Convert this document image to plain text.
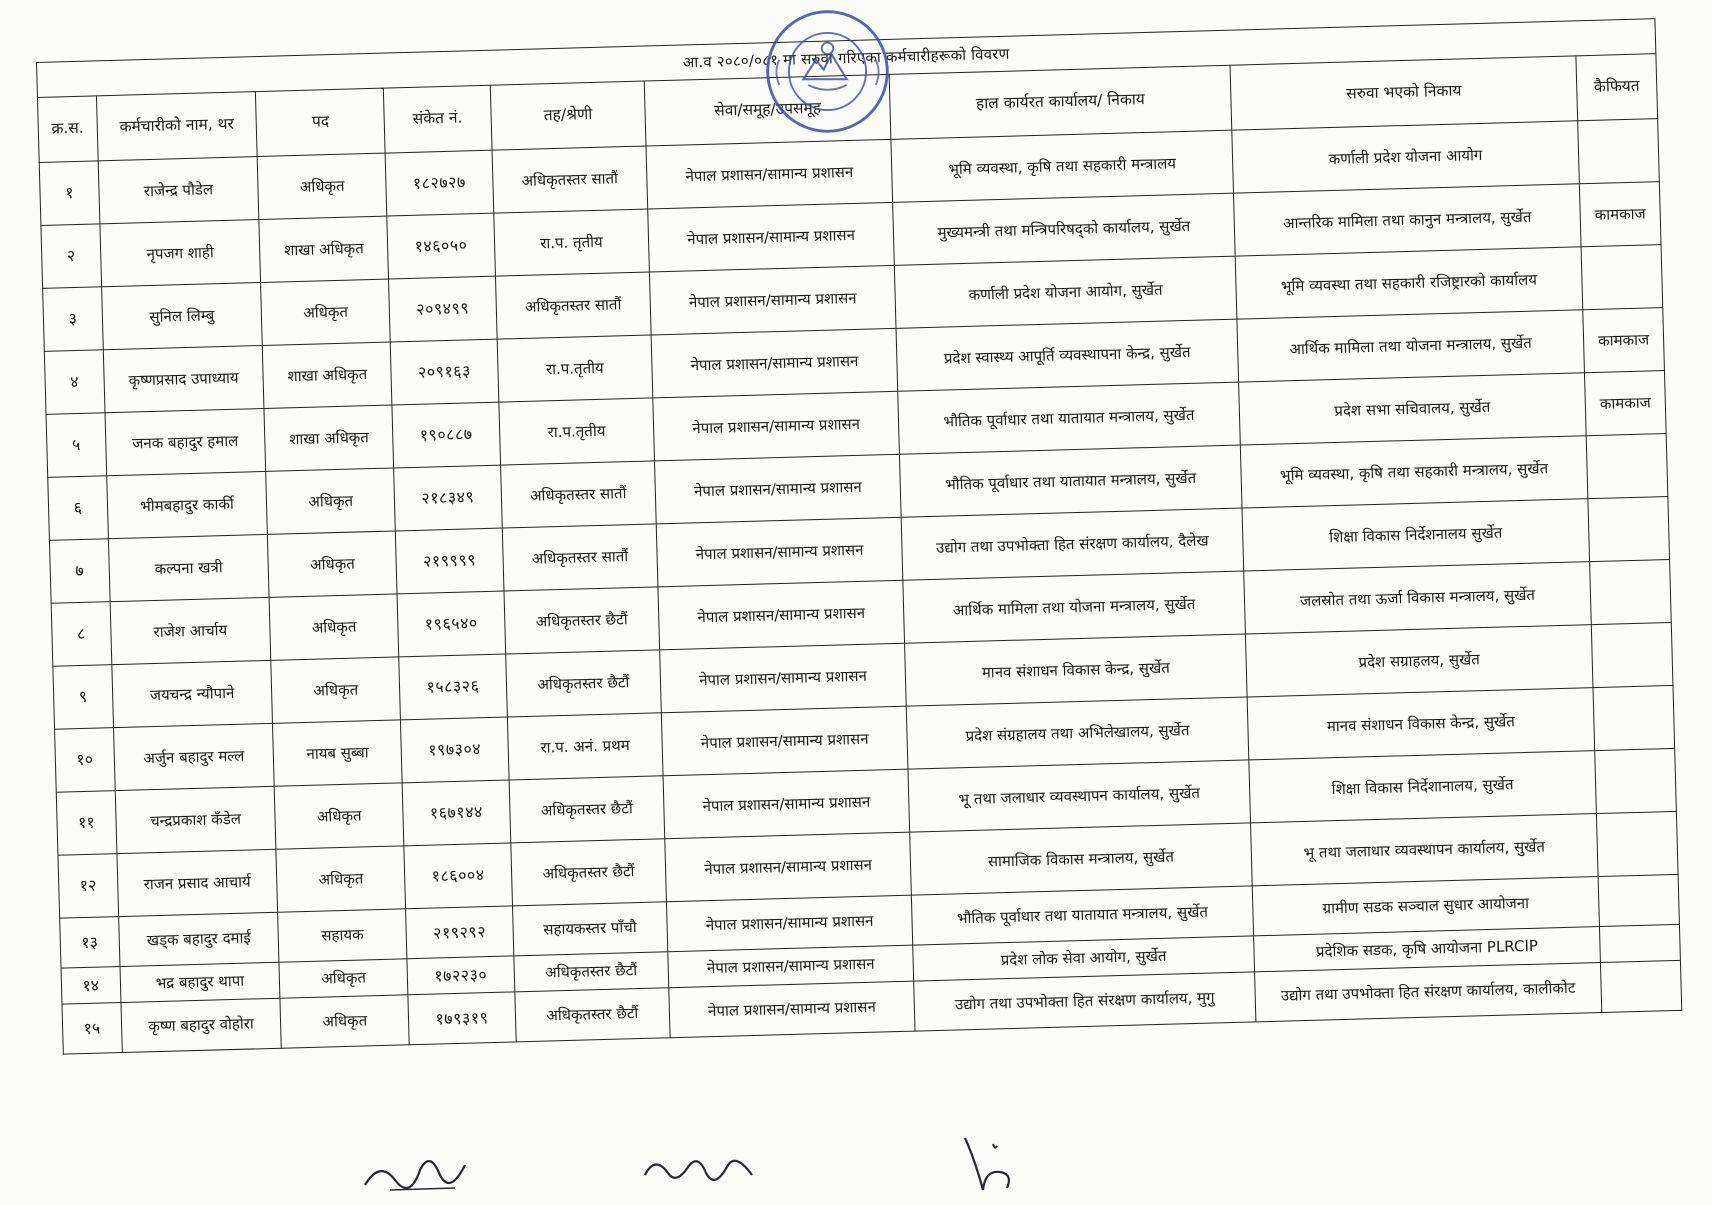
आ.व २०८०/०८१ मा सरुवा गरिएका कर्मचारीहरूको विवरण
क्र.स.	कर्मचारीको नाम, थर	पद	संकेत नं.	तह/श्रेणी	सेवा/समूह/उपसमूह	हाल कार्यरत कार्यालय/ निकाय	सरुवा भएको निकाय	कैफियत
१	राजेन्द्र पौडेल	अधिकृत	१८२७२७	अधिकृतस्तर सातौं	नेपाल प्रशासन/सामान्य प्रशासन	भूमि व्यवस्था, कृषि तथा सहकारी मन्त्रालय	कर्णाली प्रदेश योजना आयोग	
२	नृपजग शाही	शाखा अधिकृत	१४६०५०	रा.प. तृतीय	नेपाल प्रशासन/सामान्य प्रशासन	मुख्यमन्त्री तथा मन्त्रिपरिषद्को कार्यालय, सुर्खेत	आन्तरिक मामिला तथा कानुन मन्त्रालय, सुर्खेत	कामकाज
३	सुनिल लिम्बु	अधिकृत	२०९४९९	अधिकृतस्तर सातौं	नेपाल प्रशासन/सामान्य प्रशासन	कर्णाली प्रदेश योजना आयोग, सुर्खेत	भूमि व्यवस्था तथा सहकारी रजिष्ट्रारको कार्यालय	
४	कृष्णप्रसाद उपाध्याय	शाखा अधिकृत	२०९१६३	रा.प.तृतीय	नेपाल प्रशासन/सामान्य प्रशासन	प्रदेश स्वास्थ्य आपूर्ति व्यवस्थापना केन्द्र, सुर्खेत	आर्थिक मामिला तथा योजना मन्त्रालय, सुर्खेत	कामकाज
५	जनक बहादुर हमाल	शाखा अधिकृत	१९०८८७	रा.प.तृतीय	नेपाल प्रशासन/सामान्य प्रशासन	भौतिक पूर्वाधार तथा यातायात मन्त्रालय, सुर्खेत	प्रदेश सभा सचिवालय, सुर्खेत	कामकाज
६	भीमबहादुर कार्की	अधिकृत	२१८३४९	अधिकृतस्तर सातौं	नेपाल प्रशासन/सामान्य प्रशासन	भौतिक पूर्वाधार तथा यातायात मन्त्रालय, सुर्खेत	भूमि व्यवस्था, कृषि तथा सहकारी मन्त्रालय, सुर्खेत	
७	कल्पना खत्री	अधिकृत	२१९९९९	अधिकृतस्तर सातौं	नेपाल प्रशासन/सामान्य प्रशासन	उद्योग तथा उपभोक्ता हित संरक्षण कार्यालय, दैलेख	शिक्षा विकास निर्देशनालय सुर्खेत	
८	राजेश आर्चाय	अधिकृत	१९६५४०	अधिकृतस्तर छैटौं	नेपाल प्रशासन/सामान्य प्रशासन	आर्थिक मामिला तथा योजना मन्त्रालय, सुर्खेत	जलस्रोत तथा ऊर्जा विकास मन्त्रालय, सुर्खेत	
९	जयचन्द्र न्यौपाने	अधिकृत	१५८३२६	अधिकृतस्तर छैटौं	नेपाल प्रशासन/सामान्य प्रशासन	मानव संशाधन विकास केन्द्र, सुर्खेत	प्रदेश सग्राहलय, सुर्खेत	
१०	अर्जुन बहादुर मल्ल	नायब सुब्बा	१९७३०४	रा.प. अनं. प्रथम	नेपाल प्रशासन/सामान्य प्रशासन	प्रदेश संग्रहालय तथा अभिलेखालय, सुर्खेत	मानव संशाधन विकास केन्द्र, सुर्खेत	
११	चन्द्रप्रकाश कँडेल	अधिकृत	१६७१४४	अधिकृतस्तर छैटौं	नेपाल प्रशासन/सामान्य प्रशासन	भू तथा जलाधार व्यवस्थापन कार्यालय, सुर्खेत	शिक्षा विकास निर्देशानालय, सुर्खेत	
१२	राजन प्रसाद आचार्य	अधिकृत	१८६००४	अधिकृतस्तर छैटौं	नेपाल प्रशासन/सामान्य प्रशासन	सामाजिक विकास मन्त्रालय, सुर्खेत	भू तथा जलाधार व्यवस्थापन कार्यालय, सुर्खेत	
१३	खड्क बहादुर दमाई	सहायक	२१९२९२	सहायकस्तर पाँचौ	नेपाल प्रशासन/सामान्य प्रशासन	भौतिक पूर्वाधार तथा यातायात मन्त्रालय, सुर्खेत	ग्रामीण सडक सञ्चाल सुधार आयोजना	
१४	भद्र बहादुर थापा	अधिकृत	१७२२३०	अधिकृतस्तर छैटौं	नेपाल प्रशासन/सामान्य प्रशासन	प्रदेश लोक सेवा आयोग, सुर्खेत	प्रदेशिक सडक, कृषि आयोजना PLRCIP	
१५	कृष्ण बहादुर वोहोरा	अधिकृत	१७९३१९	अधिकृतस्तर छैटौं	नेपाल प्रशासन/सामान्य प्रशासन	उद्योग तथा उपभोक्ता हित संरक्षण कार्यालय, मुगु	उद्योग तथा उपभोक्ता हित संरक्षण कार्यालय, कालीकोट	
